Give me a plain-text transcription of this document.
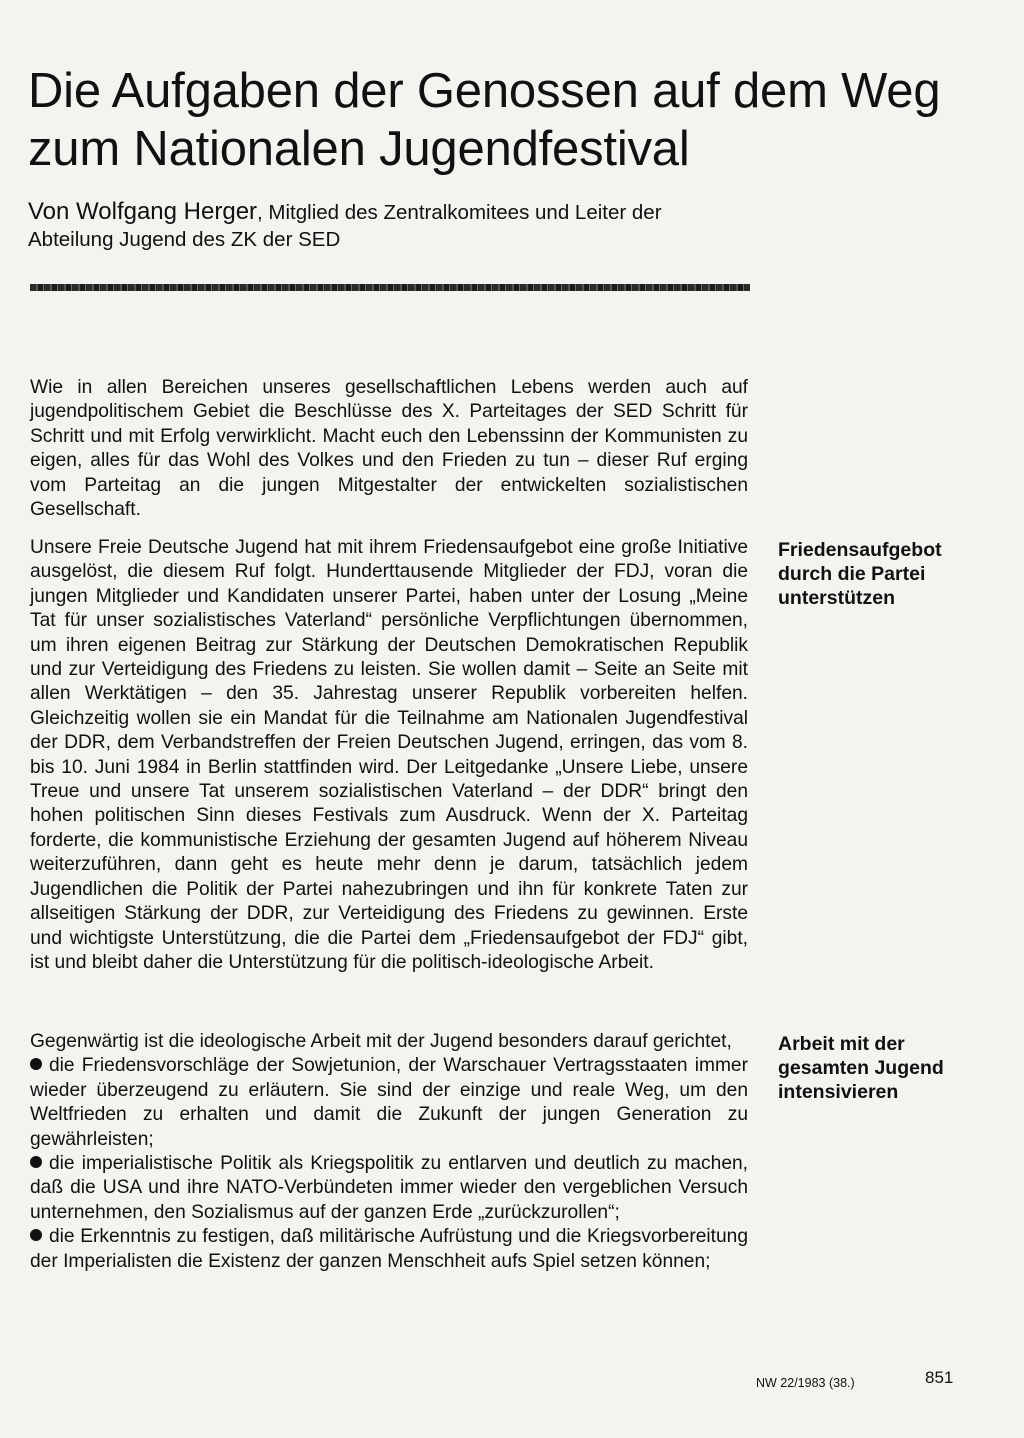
Die Aufgaben der Genossen auf dem Weg zum Nationalen Jugendfestival

Von Wolfgang Herger, Mitglied des Zentralkomitees und Leiter der Abteilung Jugend des ZK der SED

Wie in allen Bereichen unseres gesellschaftlichen Lebens werden auch auf jugendpolitischem Gebiet die Beschlüsse des X. Parteitages der SED Schritt für Schritt und mit Erfolg verwirklicht. Macht euch den Lebenssinn der Kommunisten zu eigen, alles für das Wohl des Volkes und den Frieden zu tun – dieser Ruf erging vom Parteitag an die jungen Mitgestalter der entwickelten sozialistischen Gesellschaft.

Unsere Freie Deutsche Jugend hat mit ihrem Friedensaufgebot eine große Initiative ausgelöst, die diesem Ruf folgt. Hunderttausende Mitglieder der FDJ, voran die jungen Mitglieder und Kandidaten unserer Partei, haben unter der Losung „Meine Tat für unser sozialistisches Vaterland“ persönliche Verpflichtungen übernommen, um ihren eigenen Beitrag zur Stärkung der Deutschen Demokratischen Republik und zur Verteidigung des Friedens zu leisten. Sie wollen damit – Seite an Seite mit allen Werktätigen – den 35. Jahrestag unserer Republik vorbereiten helfen. Gleichzeitig wollen sie ein Mandat für die Teilnahme am Nationalen Jugendfestival der DDR, dem Verbandstreffen der Freien Deutschen Jugend, erringen, das vom 8. bis 10. Juni 1984 in Berlin stattfinden wird. Der Leitgedanke „Unsere Liebe, unsere Treue und unsere Tat unserem sozialistischen Vaterland – der DDR“ bringt den hohen politischen Sinn dieses Festivals zum Ausdruck. Wenn der X. Parteitag forderte, die kommunistische Erziehung der gesamten Jugend auf höherem Niveau weiterzuführen, dann geht es heute mehr denn je darum, tatsächlich jedem Jugendlichen die Politik der Partei nahezubringen und ihn für konkrete Taten zur allseitigen Stärkung der DDR, zur Verteidigung des Friedens zu gewinnen. Erste und wichtigste Unterstützung, die die Partei dem „Friedensaufgebot der FDJ“ gibt, ist und bleibt daher die Unterstützung für die politisch-ideologische Arbeit.

Gegenwärtig ist die ideologische Arbeit mit der Jugend besonders darauf gerichtet,
die Friedensvorschläge der Sowjetunion, der Warschauer Vertragsstaaten immer wieder überzeugend zu erläutern. Sie sind der einzige und reale Weg, um den Weltfrieden zu erhalten und damit die Zukunft der jungen Generation zu gewährleisten;
die imperialistische Politik als Kriegspolitik zu entlarven und deutlich zu machen, daß die USA und ihre NATO-Verbündeten immer wieder den vergeblichen Versuch unternehmen, den Sozialismus auf der ganzen Erde „zurückzurollen“;
die Erkenntnis zu festigen, daß militärische Aufrüstung und die Kriegsvorbereitung der Imperialisten die Existenz der ganzen Menschheit aufs Spiel setzen können;

Friedensaufgebot durch die Partei unterstützen

Arbeit mit der gesamten Jugend intensivieren

NW 22/1983 (38.)	851
